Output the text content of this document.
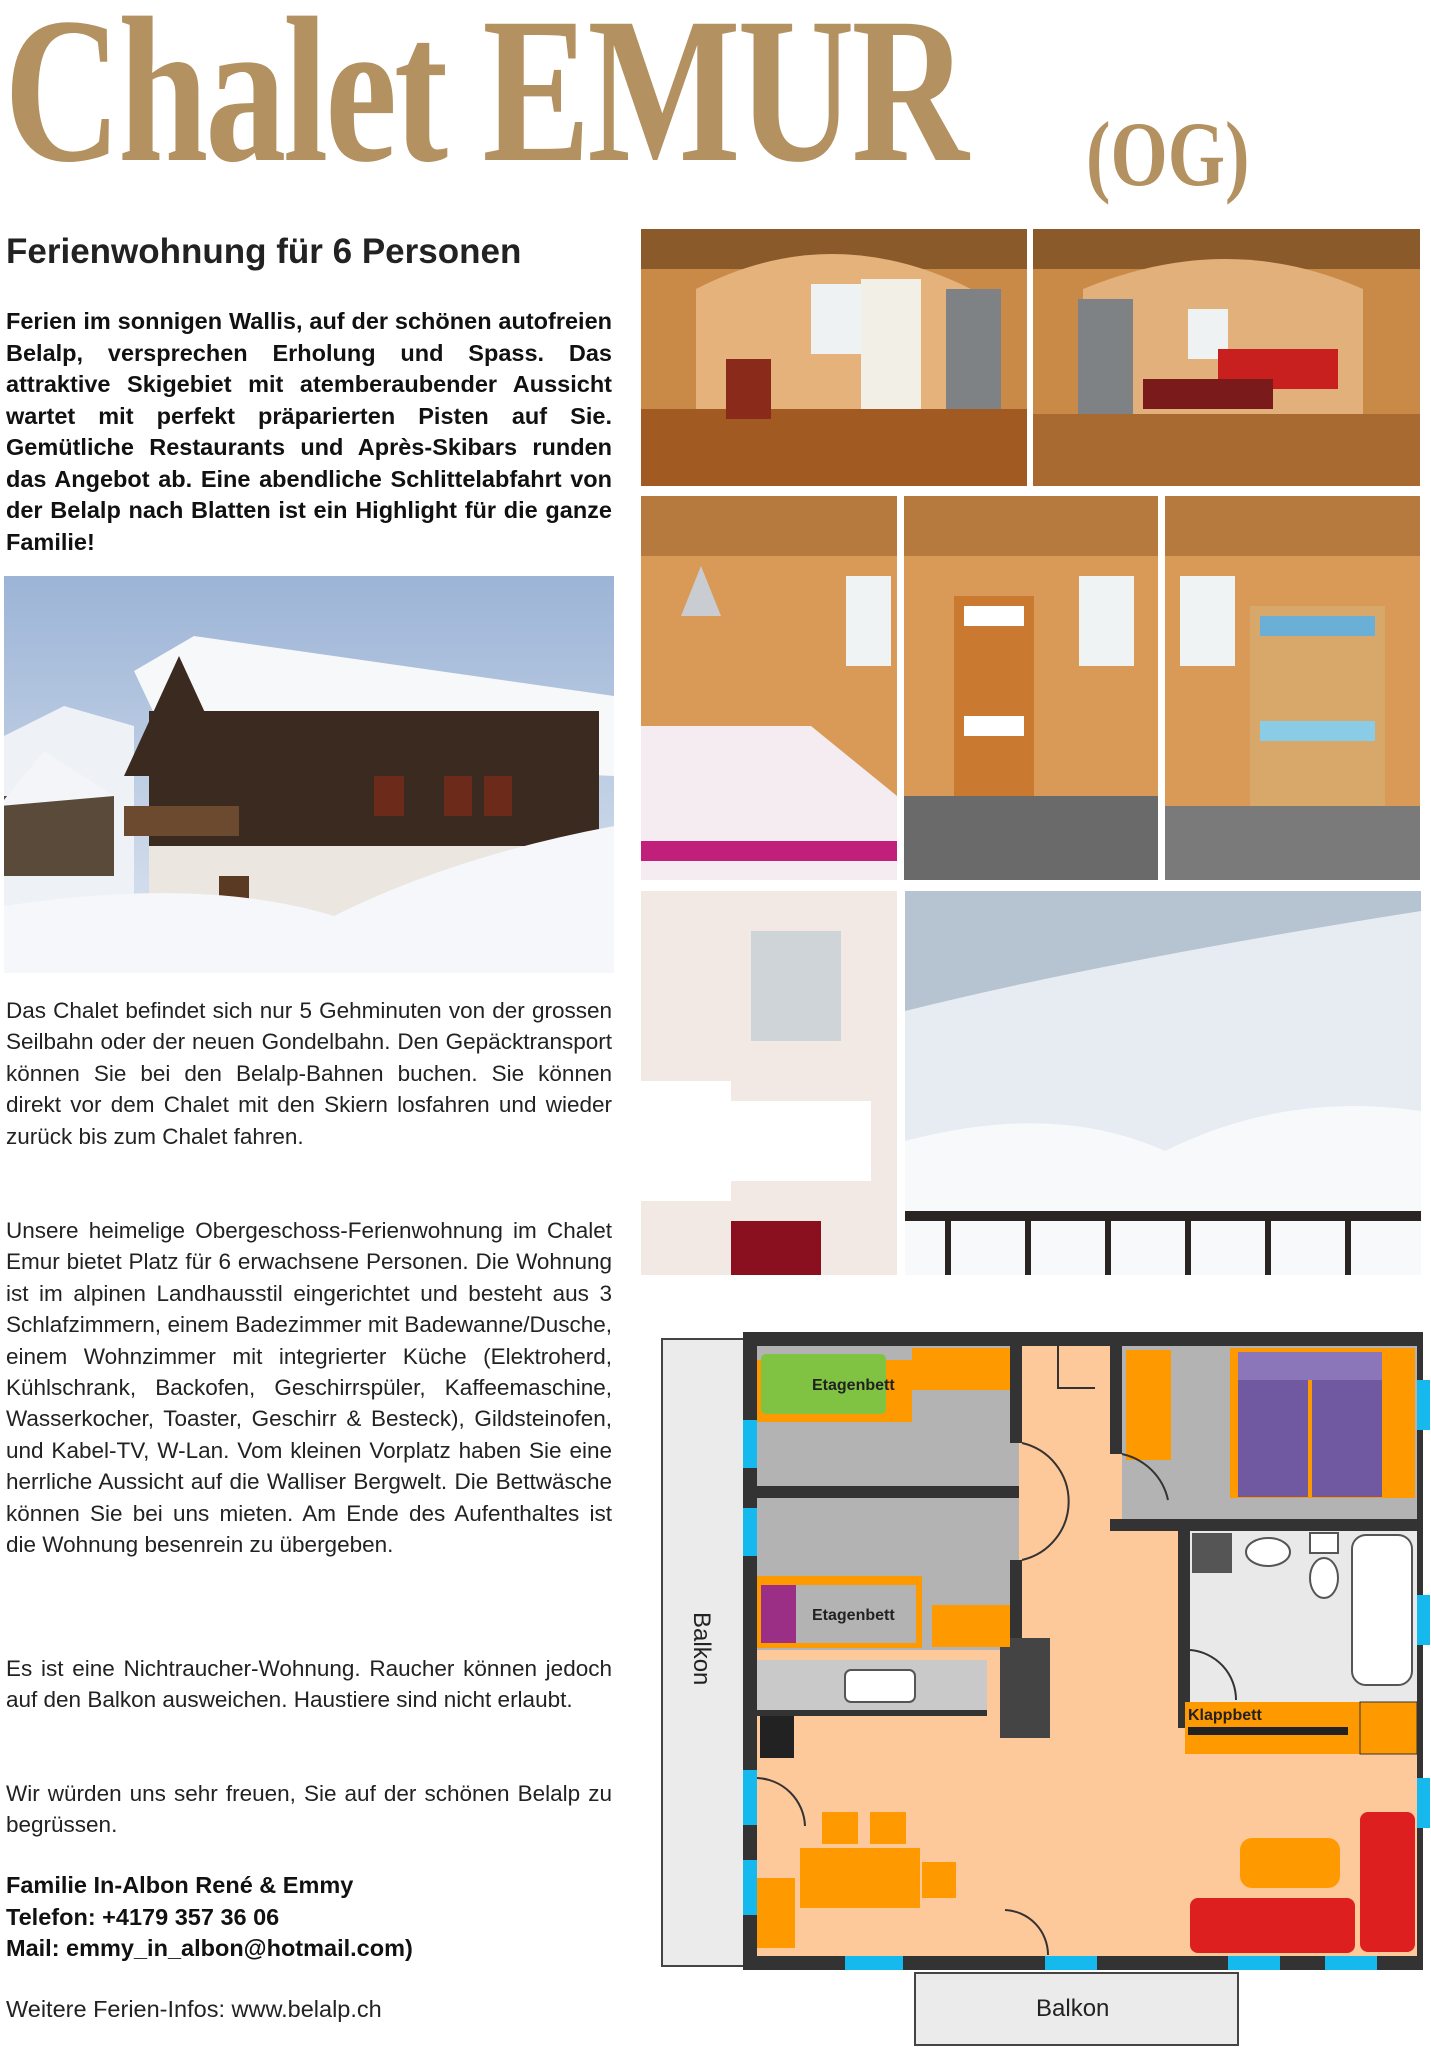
Chalet EMUR (OG)
Ferienwohnung für 6 Personen
Ferien im sonnigen Wallis, auf der schönen autofreien Belalp, versprechen Erholung und Spass. Das attraktive Skigebiet mit atemberaubender Aussicht wartet mit perfekt präparierten Pisten auf Sie. Gemütliche Restaurants und Après-Skibars runden das Angebot ab. Eine abendliche Schlittelabfahrt von der Belalp nach Blatten ist ein Highlight für die ganze Familie!
Das Chalet befindet sich nur 5 Gehminuten von der grossen Seilbahn oder der neuen Gondelbahn. Den Gepäcktransport können Sie bei den Belalp-Bahnen buchen. Sie können direkt vor dem Chalet mit den Skiern losfahren und wieder zurück bis zum Chalet fahren.
Unsere heimelige Obergeschoss-Ferienwohnung im Chalet Emur bietet Platz für 6 erwachsene Personen. Die Wohnung ist im alpinen Landhausstil eingerichtet und besteht aus 3 Schlafzimmern, einem Badezimmer mit Badewanne/Dusche, einem Wohnzimmer mit integrierter Küche (Elektroherd, Kühlschrank, Backofen, Geschirrspüler, Kaffeemaschine, Wasserkocher, Toaster, Geschirr & Besteck), Gildsteinofen, und Kabel-TV, W-Lan. Vom kleinen Vorplatz haben Sie eine herrliche Aussicht auf die Walliser Bergwelt. Die Bettwäsche können Sie bei uns mieten. Am Ende des Aufenthaltes ist die Wohnung besenrein zu übergeben.
Es ist eine Nichtraucher-Wohnung. Raucher können jedoch auf den Balkon ausweichen. Haustiere sind nicht erlaubt.
Wir würden uns sehr freuen, Sie auf der schönen Belalp zu begrüssen.
Familie In-Albon René & Emmy
Telefon: +4179 357 36 06
Mail: emmy_in_albon@hotmail.com)
Weitere Ferien-Infos: www.belalp.ch
Etagenbett
Etagenbett
Klappbett
Balkon
Balkon
